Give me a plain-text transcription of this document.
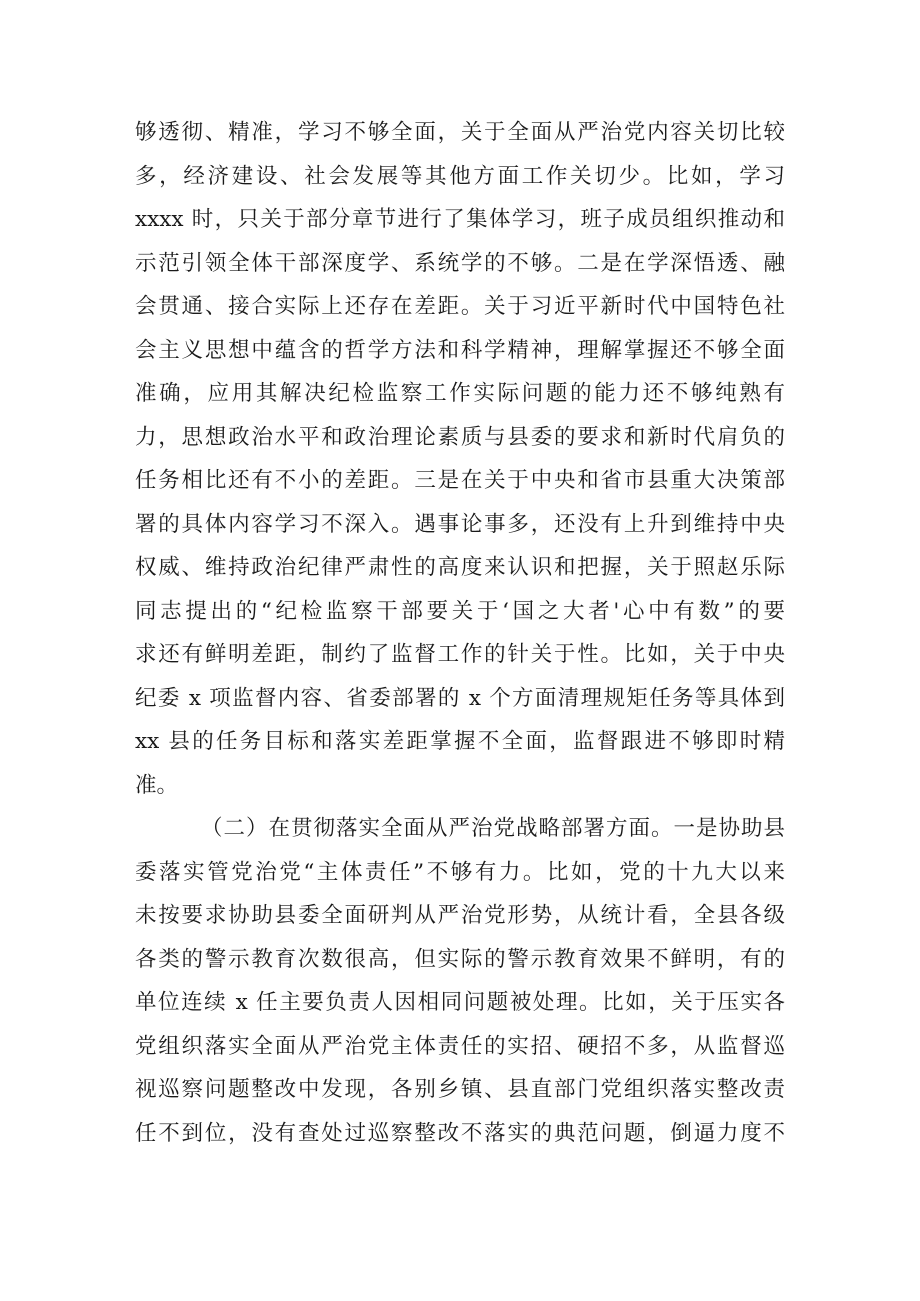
够透彻、精准，学习不够全面，关于全面从严治党内容关切比较
多，经济建设、社会发展等其他方面工作关切少。比如，学习
xxxx 时，只关于部分章节进行了集体学习，班子成员组织推动和
示范引领全体干部深度学、系统学的不够。二是在学深悟透、融
会贯通、接合实际上还存在差距。关于习近平新时代中国特色社
会主义思想中蕴含的哲学方法和科学精神，理解掌握还不够全面
准确，应用其解决纪检监察工作实际问题的能力还不够纯熟有
力，思想政治水平和政治理论素质与县委的要求和新时代肩负的
任务相比还有不小的差距。三是在关于中央和省市县重大决策部
署的具体内容学习不深入。遇事论事多，还没有上升到维持中央
权威、维持政治纪律严肃性的高度来认识和把握，关于照赵乐际
同志提出的“纪检监察干部要关于‘国之大者'心中有数”的要
求还有鲜明差距，制约了监督工作的针关于性。比如，关于中央
纪委 x 项监督内容、省委部署的 x 个方面清理规矩任务等具体到
xx 县的任务目标和落实差距掌握不全面，监督跟进不够即时精
准。
（二）在贯彻落实全面从严治党战略部署方面。一是协助县
委落实管党治党“主体责任”不够有力。比如，党的十九大以来
未按要求协助县委全面研判从严治党形势，从统计看，全县各级
各类的警示教育次数很高，但实际的警示教育效果不鲜明，有的
单位连续 x 任主要负责人因相同问题被处理。比如，关于压实各
党组织落实全面从严治党主体责任的实招、硬招不多，从监督巡
视巡察问题整改中发现，各别乡镇、县直部门党组织落实整改责
任不到位，没有查处过巡察整改不落实的典范问题，倒逼力度不
